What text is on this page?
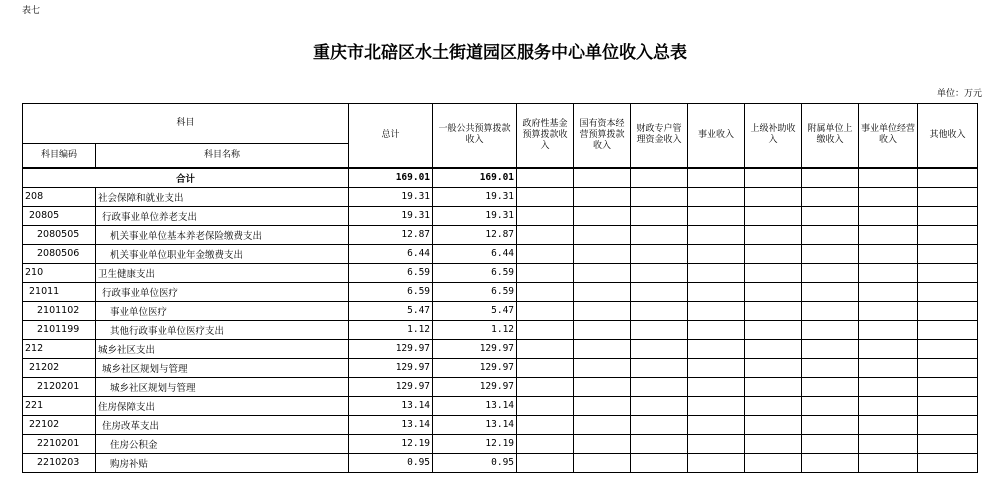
表七
重庆市北碚区水土街道园区服务中心单位收入总表
单位：万元
科目		总计	一般公共预算拨款收入	政府性基金预算拨款收入	国有资本经营预算拨款收入	财政专户管理资金收入	事业收入	上级补助收入	附属单位上缴收入	事业单位经营收入	其他收入
科目编码	科目名称										
合计		169.01	169.01								
208	社会保障和就业支出	19.31	19.31								
20805	行政事业单位养老支出	19.31	19.31								
2080505	机关事业单位基本养老保险缴费支出	12.87	12.87								
2080506	机关事业单位职业年金缴费支出	6.44	6.44								
210	卫生健康支出	6.59	6.59								
21011	行政事业单位医疗	6.59	6.59								
2101102	事业单位医疗	5.47	5.47								
2101199	其他行政事业单位医疗支出	1.12	1.12								
212	城乡社区支出	129.97	129.97								
21202	城乡社区规划与管理	129.97	129.97								
2120201	城乡社区规划与管理	129.97	129.97								
221	住房保障支出	13.14	13.14								
22102	住房改革支出	13.14	13.14								
2210201	住房公积金	12.19	12.19								
2210203	购房补贴	0.95	0.95								
